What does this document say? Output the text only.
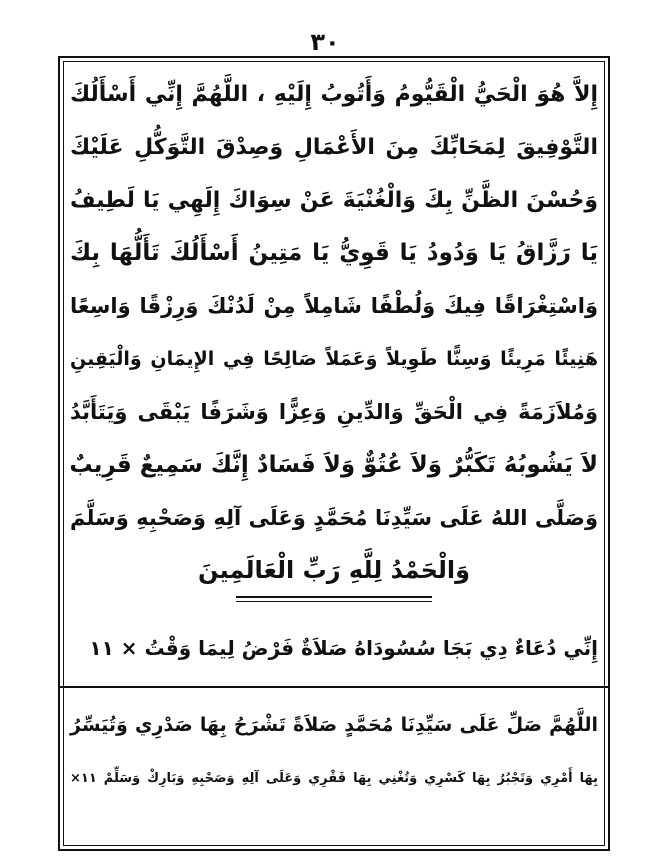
٣٠
إِلاَّ هُوَ الْحَيُّ الْقَيُّومُ وَأَتُوبُ إِلَيْهِ ، اللَّهُمَّ إِنِّي أَسْأَلُكَ
التَّوْفِيقَ لِمَحَابِّكَ مِنَ الأَعْمَالِ وَصِدْقَ التَّوَكُّلِ عَلَيْكَ
وَحُسْنَ الظَّنِّ بِكَ وَالْغُنْيَةَ عَنْ سِوَاكَ إِلَهِي يَا لَطِيفُ
يَا رَزَّاقُ يَا وَدُودُ يَا قَوِيُّ يَا مَتِينُ أَسْأَلُكَ تَأَلُّهَا بِكَ
وَاسْتِغْرَاقًا فِيكَ وَلُطْفًا شَامِلاً مِنْ لَدُنْكَ وَرِزْقًا وَاسِعًا
هَنِيئًا مَرِيئًا وَسِنًّا طَوِيلاً وَعَمَلاً صَالِحًا فِي الإِيمَانِ وَالْيَقِينِ
وَمُلاَزَمَةً فِي الْحَقِّ وَالدِّينِ وَعِزًّا وَشَرَفًا يَبْقَى وَيَتَأَبَّدُ
لاَ يَشُوبُهُ تَكَبُّرٌ وَلاَ عُتُوٌّ وَلاَ فَسَادٌ إِنَّكَ سَمِيعٌ قَرِيبٌ
وَصَلَّى اللهُ عَلَى سَيِّدِنَا مُحَمَّدٍ وَعَلَى آلِهِ وَصَحْبِهِ وَسَلَّمَ
وَالْحَمْدُ لِلَّهِ رَبِّ الْعَالَمِينَ
إِنِّي دُعَاءٌ دِي بَجَا سُسُودَاهُ صَلاَةٌ فَرْضُ لِيمَا وَقْتُ × ١١
اللَّهُمَّ صَلِّ عَلَى سَيِّدِنَا مُحَمَّدٍ صَلاَةً تَشْرَحُ بِهَا صَدْرِي وَتُيَسِّرُ
بِهَا أَمْرِي وَتَجْبُرُ بِهَا كَسْرِي وَتُغْنِي بِهَا فَقْرِي وَعَلَى آلِهِ وَصَحْبِهِ وَبَارِكْ وَسَلِّمْ ١١×
